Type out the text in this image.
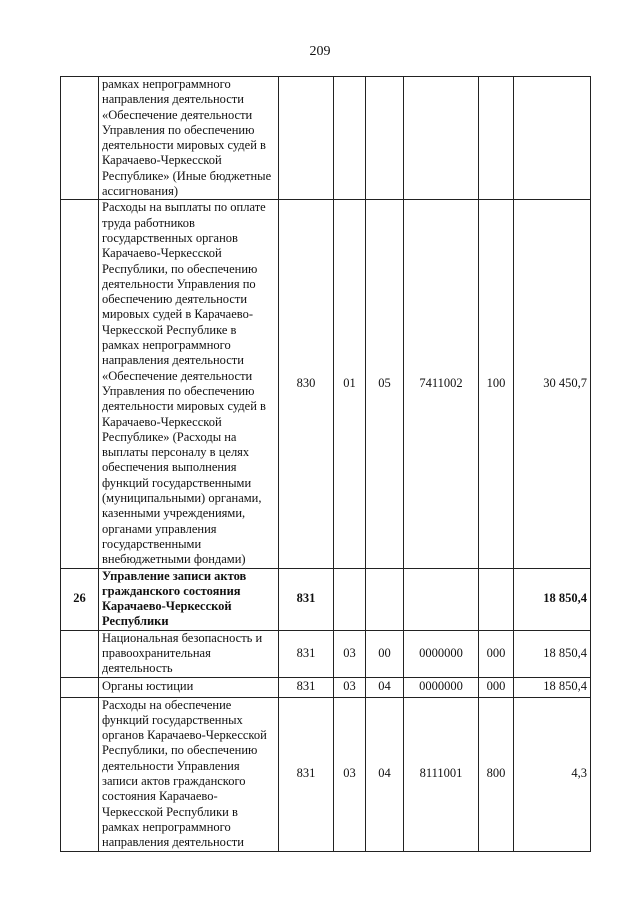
209
	рамках непрограммного направления деятельности «Обеспечение деятельности Управления по обеспечению деятельности мировых судей в Карачаево-Черкесской Республике» (Иные бюджетные ассигнования)						
	Расходы на выплаты по оплате труда работников государственных органов Карачаево-Черкесской Республики, по обеспечению деятельности Управления по обеспечению деятельности мировых судей в Карачаево-Черкесской Республике в рамках непрограммного направления деятельности «Обеспечение деятельности Управления по обеспечению деятельности мировых судей в Карачаево-Черкесской Республике» (Расходы на выплаты персоналу в целях обеспечения выполнения функций государственными (муниципальными) органами, казенными учреждениями, органами управления государственными внебюджетными фондами)	830	01	05	7411002	100	30 450,7
26	Управление записи актов гражданского состояния Карачаево-Черкесской Республики	831					18 850,4
	Национальная безопасность и правоохранительная деятельность	831	03	00	0000000	000	18 850,4
	Органы юстиции	831	03	04	0000000	000	18 850,4
	Расходы на обеспечение функций государственных органов Карачаево-Черкесской Республики, по обеспечению деятельности Управления записи актов гражданского состояния Карачаево-Черкесской Республики в рамках непрограммного направления деятельности	831	03	04	8111001	800	4,3
